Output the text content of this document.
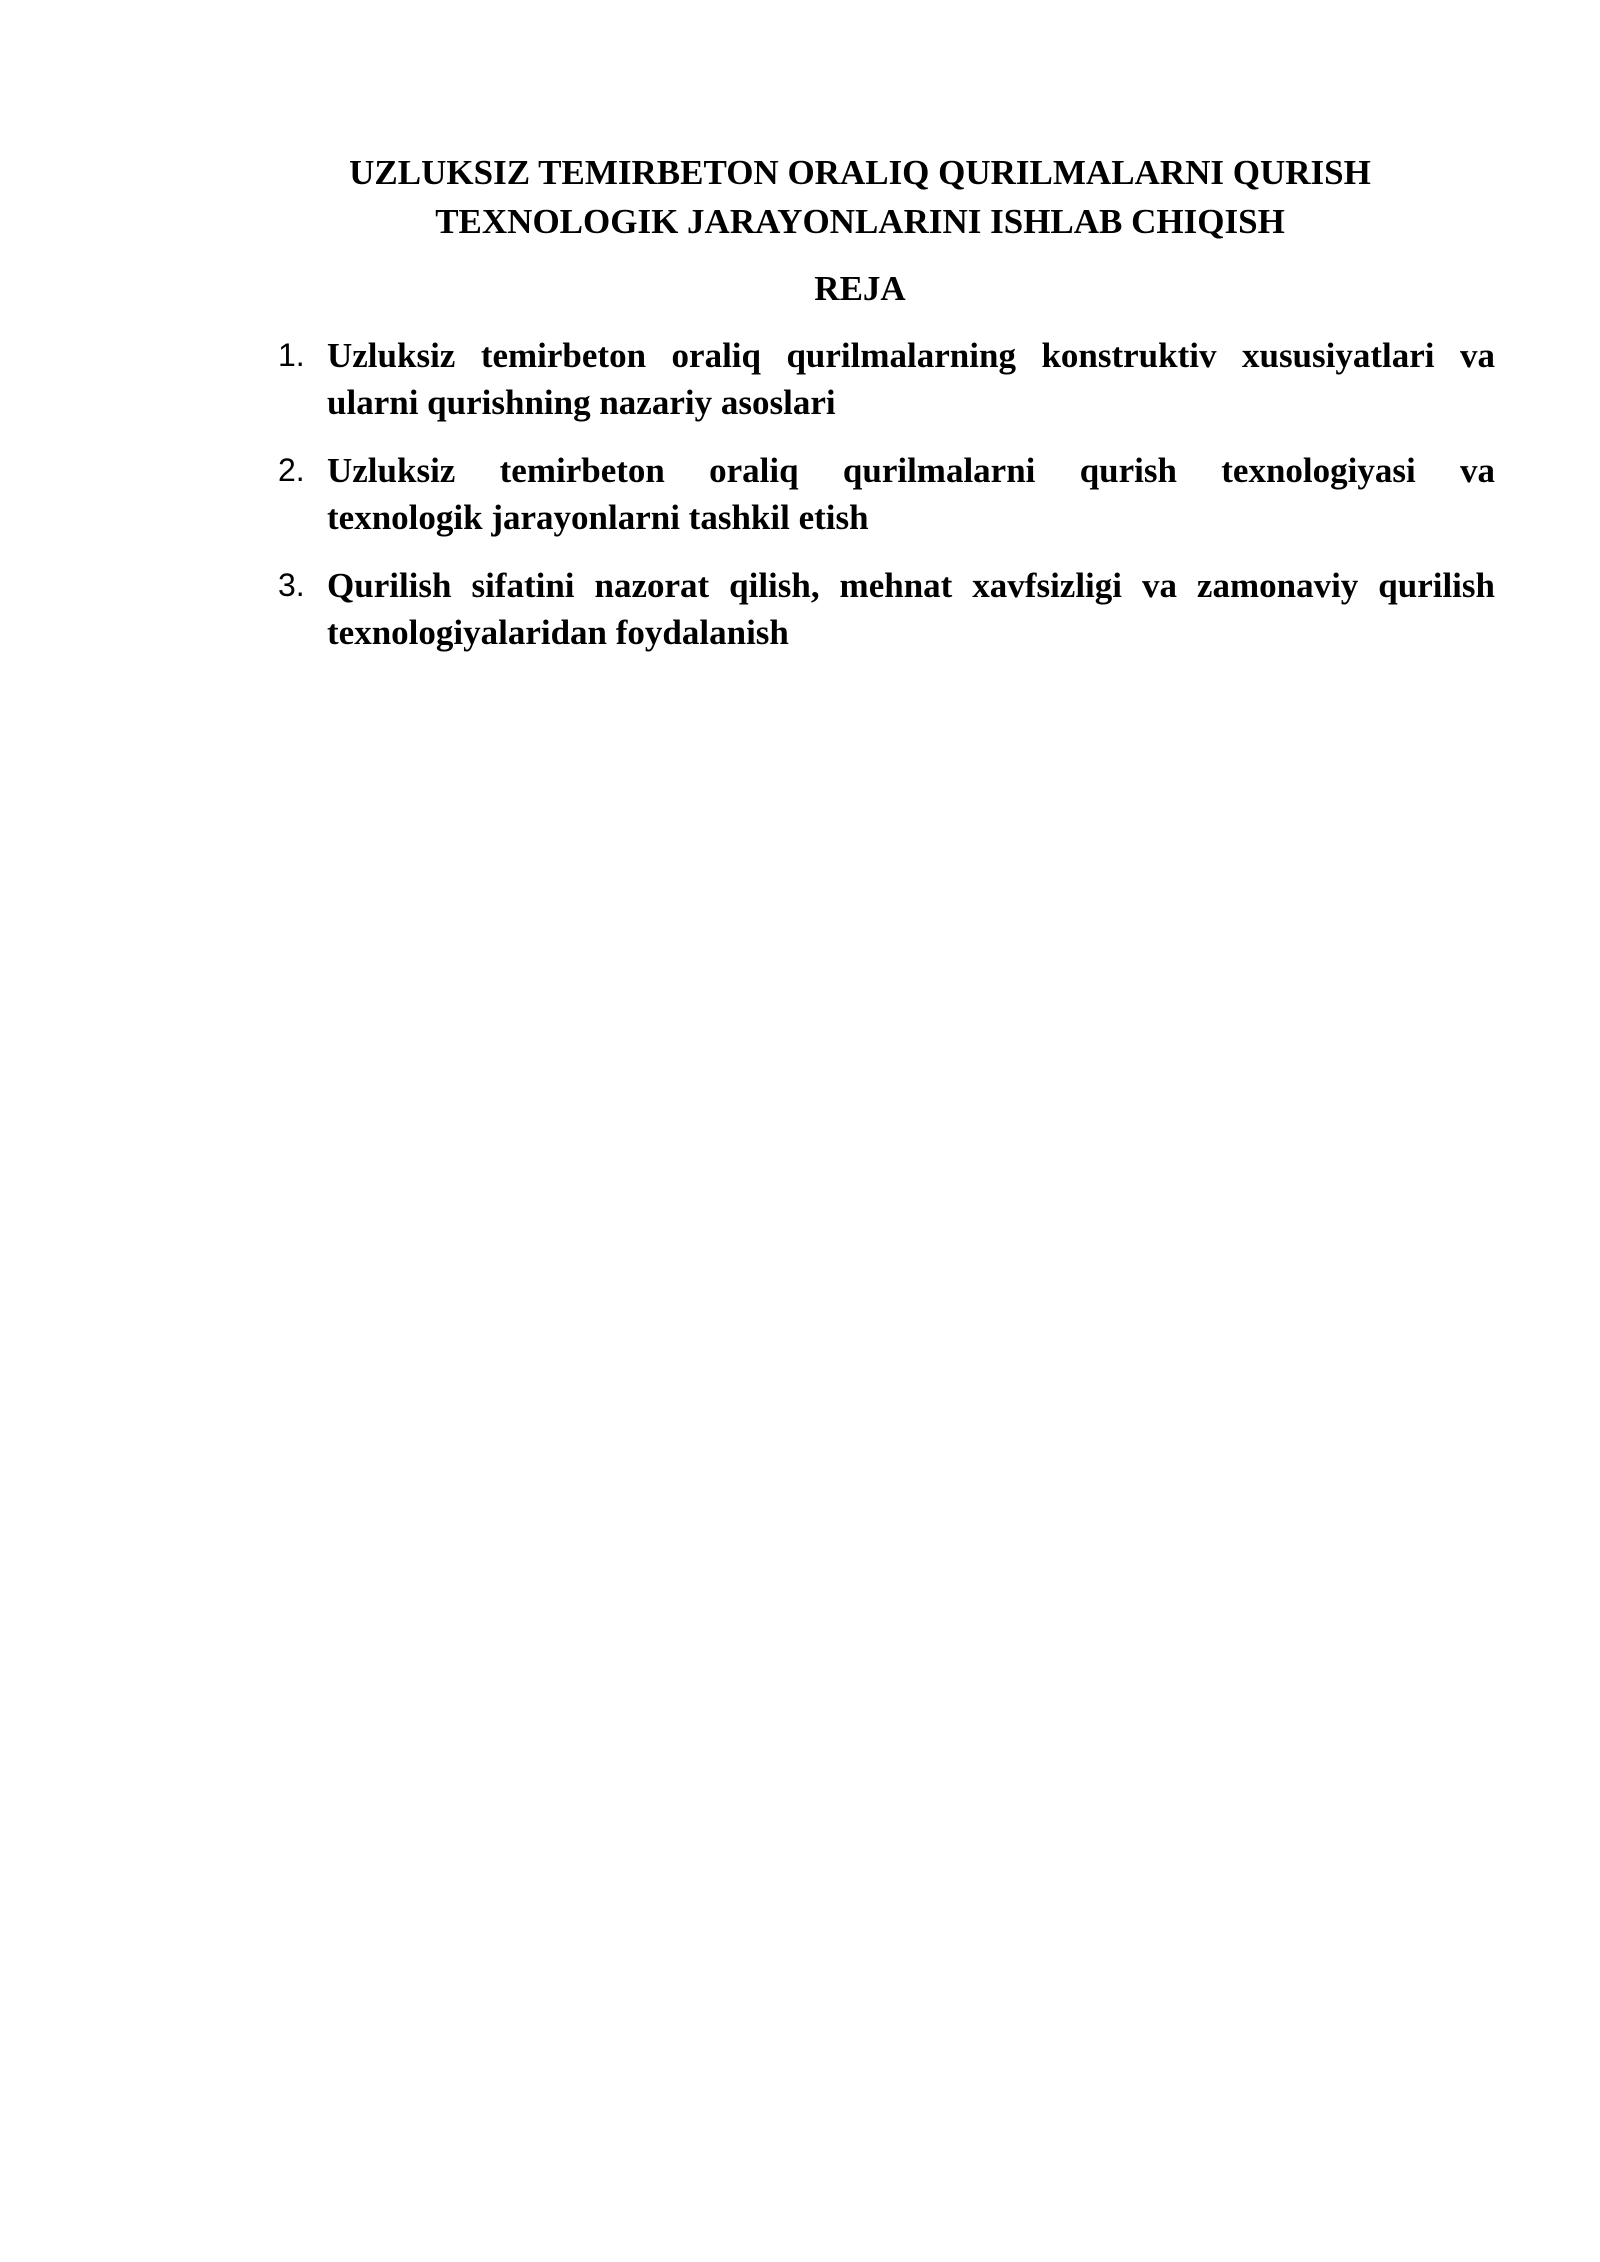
UZLUKSIZ TEMIRBETON ORALIQ QURILMALARNI QURISH
TEXNOLOGIK JARAYONLARINI ISHLAB CHIQISH
REJA
1. Uzluksiz temirbeton oraliq qurilmalarning konstruktiv xususiyatlari va
ularni qurishning nazariy asoslari
2. Uzluksiz temirbeton oraliq qurilmalarni qurish texnologiyasi va
texnologik jarayonlarni tashkil etish
3. Qurilish sifatini nazorat qilish, mehnat xavfsizligi va zamonaviy qurilish
texnologiyalaridan foydalanish
